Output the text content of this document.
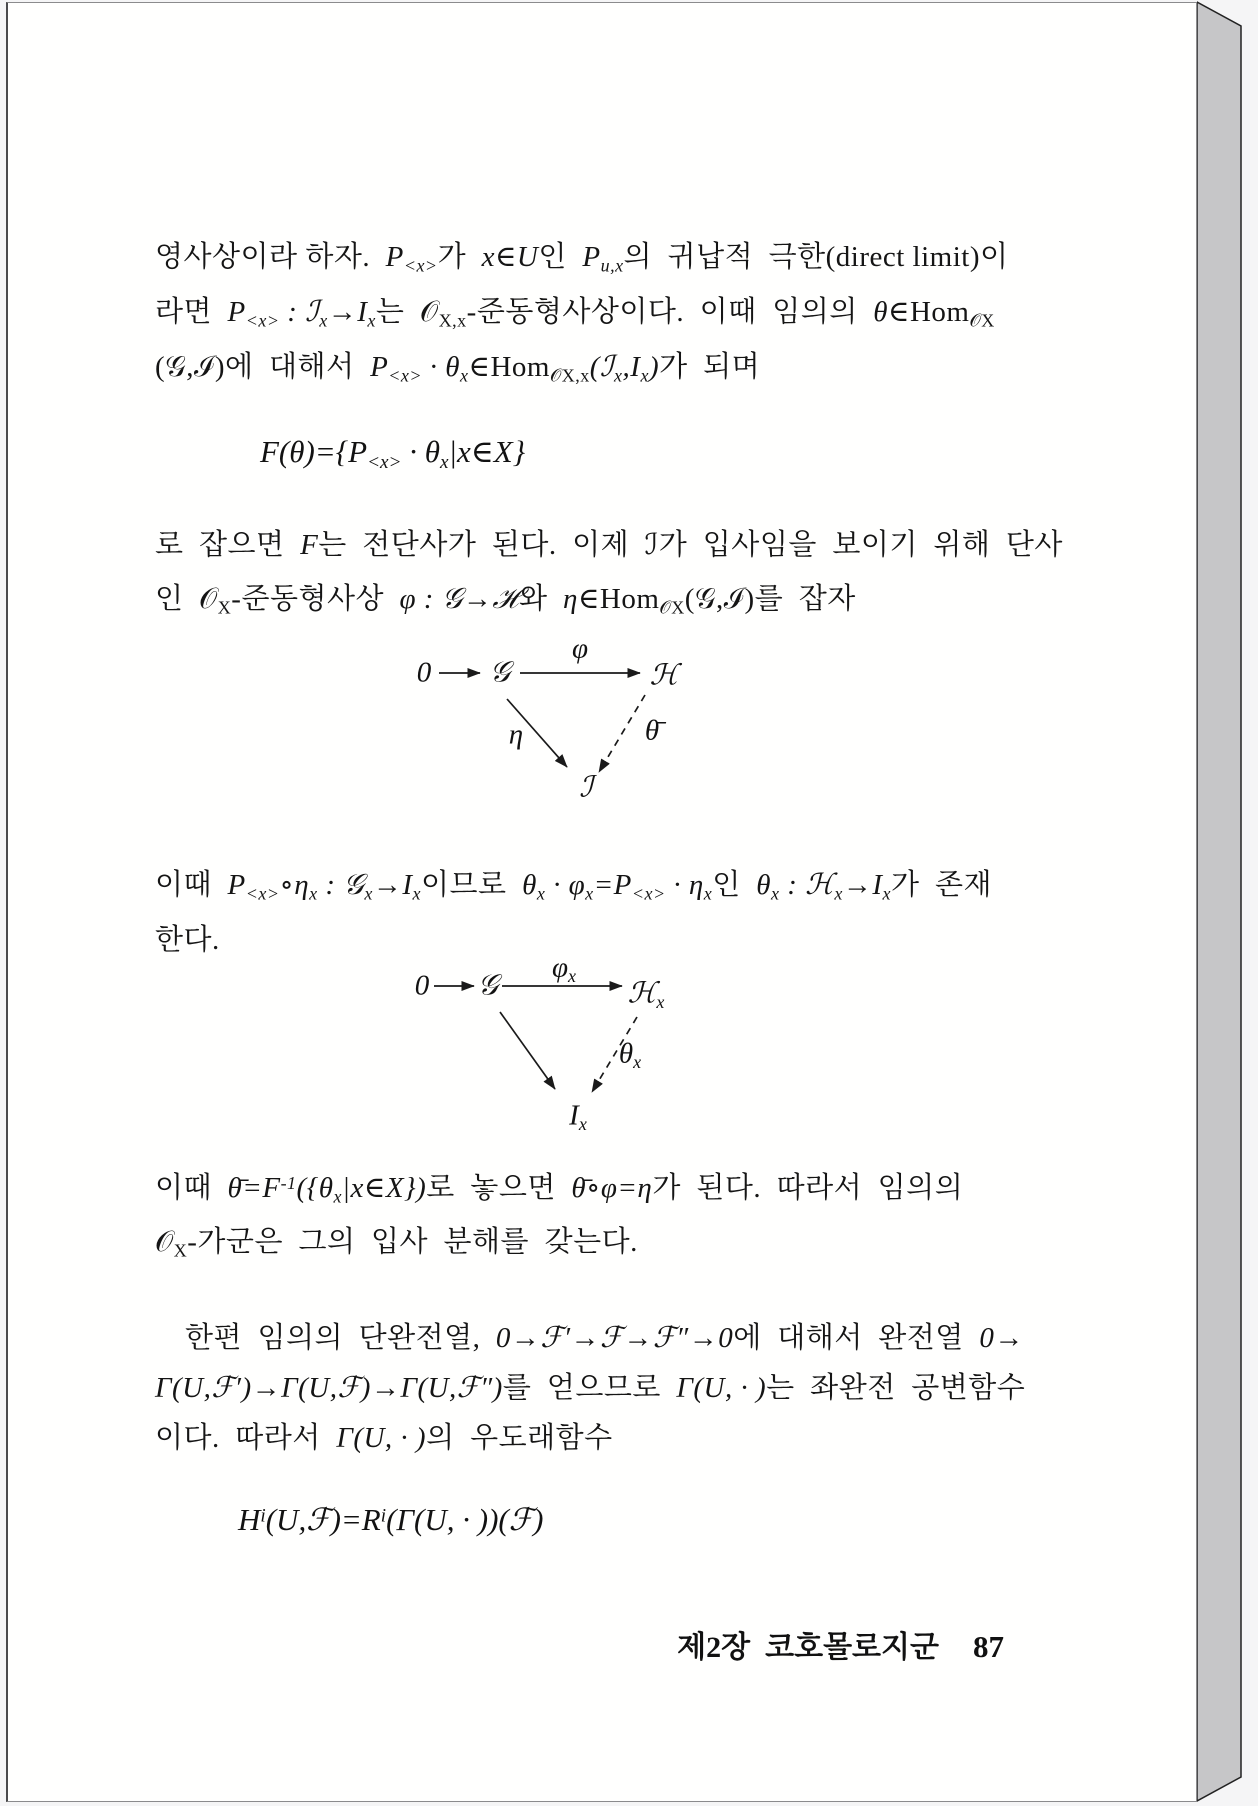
영사상이라 하자.  $P_{<x>}$가  x∈U인  $P_{u,x}$의  귀납적  극한(direct limit)이
라면  $P_{<x>}$ : $ℐ_x\to I_x$는  𝒪$_{X,x}$-준동형사상이다.  이때  임의의  θ∈Hom$_{𝒪X}$
(𝒢,ℐ)에  대해서  $P_{<x>}$ · $\theta_x\in Hom_{𝒪X,x}(ℐ_x,I_x)$가  되며
$F(\theta)=\{P_{<x>}$ · $\theta_x|x\in X$}
로  잡으면  F는  전단사가  된다.  이제  ℐ가  입사임을  보이기  위해  단사
인  𝒪$_X$-준동형사상  φ : 𝒢→ℋ와  η∈Hom$_{𝒪X}$(𝒢,ℐ)를  잡자
0 𝒢	ℋ
φ
η	θ̄
ℐ
이때  $P_{<x>}\circ\eta_x$ : $𝒢_x\to I_x$이므로  $\theta_x \cdot \varphi_x=P_{<x>} \cdot \eta_x$인  $\theta_x$ : $ℋ_x\to I_x$가  존재
한다.
0 𝒢	ℋ$_x$
$\varphi_x$
$\theta_x$
$I_x$
이때  $\thetā=F^{-1}(\{\theta_x|x\in X\})$로  놓으면  θ̄∘φ=η가  된다.  따라서  임의의
𝒪$_X$-가군은  그의  입사  분해를  갖는다.
한편  임의의  단완전열,  0→ℱ′→ℱ→ℱ″→0에  대해서  완전열  0→
Γ(U,ℱ′)→Γ(U,ℱ)→Γ(U,ℱ″)를  얻으므로  Γ(U, · )는  좌완전  공변함수
이다.  따라서  Γ(U, · )의  우도래함수
$H^i(U,ℱ)=R^i(\Gamma(U$, · ))(ℱ)

제2장  코호몰로지군 87
